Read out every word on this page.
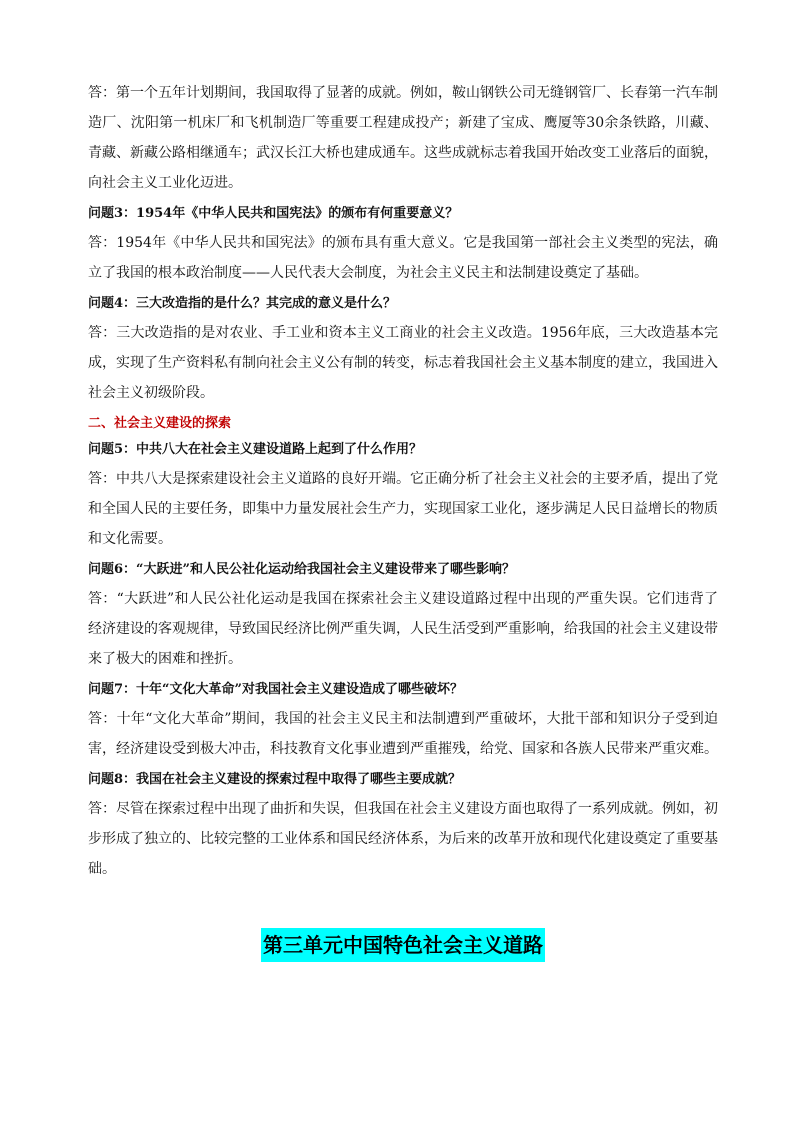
答：第一个五年计划期间，我国取得了显著的成就。例如，鞍山钢铁公司无缝钢管厂、长春第一汽车制造厂、沈阳第一机床厂和飞机制造厂等重要工程建成投产；新建了宝成、鹰厦等30余条铁路，川藏、青藏、新藏公路相继通车；武汉长江大桥也建成通车。这些成就标志着我国开始改变工业落后的面貌，向社会主义工业化迈进。

问题3：1954年《中华人民共和国宪法》的颁布有何重要意义？

答：1954年《中华人民共和国宪法》的颁布具有重大意义。它是我国第一部社会主义类型的宪法，确立了我国的根本政治制度——人民代表大会制度，为社会主义民主和法制建设奠定了基础。

问题4：三大改造指的是什么？其完成的意义是什么？

答：三大改造指的是对农业、手工业和资本主义工商业的社会主义改造。1956年底，三大改造基本完成，实现了生产资料私有制向社会主义公有制的转变，标志着我国社会主义基本制度的建立，我国进入社会主义初级阶段。

二、社会主义建设的探索
问题5：中共八大在社会主义建设道路上起到了什么作用？

答：中共八大是探索建设社会主义道路的良好开端。它正确分析了社会主义社会的主要矛盾，提出了党和全国人民的主要任务，即集中力量发展社会生产力，实现国家工业化，逐步满足人民日益增长的物质和文化需要。

问题6：“大跃进”和人民公社化运动给我国社会主义建设带来了哪些影响？

答：“大跃进”和人民公社化运动是我国在探索社会主义建设道路过程中出现的严重失误。它们违背了经济建设的客观规律，导致国民经济比例严重失调，人民生活受到严重影响，给我国的社会主义建设带来了极大的困难和挫折。

问题7：十年“文化大革命”对我国社会主义建设造成了哪些破坏？

答：十年“文化大革命”期间，我国的社会主义民主和法制遭到严重破坏，大批干部和知识分子受到迫害，经济建设受到极大冲击，科技教育文化事业遭到严重摧残，给党、国家和各族人民带来严重灾难。

问题8：我国在社会主义建设的探索过程中取得了哪些主要成就？

答：尽管在探索过程中出现了曲折和失误，但我国在社会主义建设方面也取得了一系列成就。例如，初步形成了独立的、比较完整的工业体系和国民经济体系，为后来的改革开放和现代化建设奠定了重要基础。

第三单元中国特色社会主义道路
